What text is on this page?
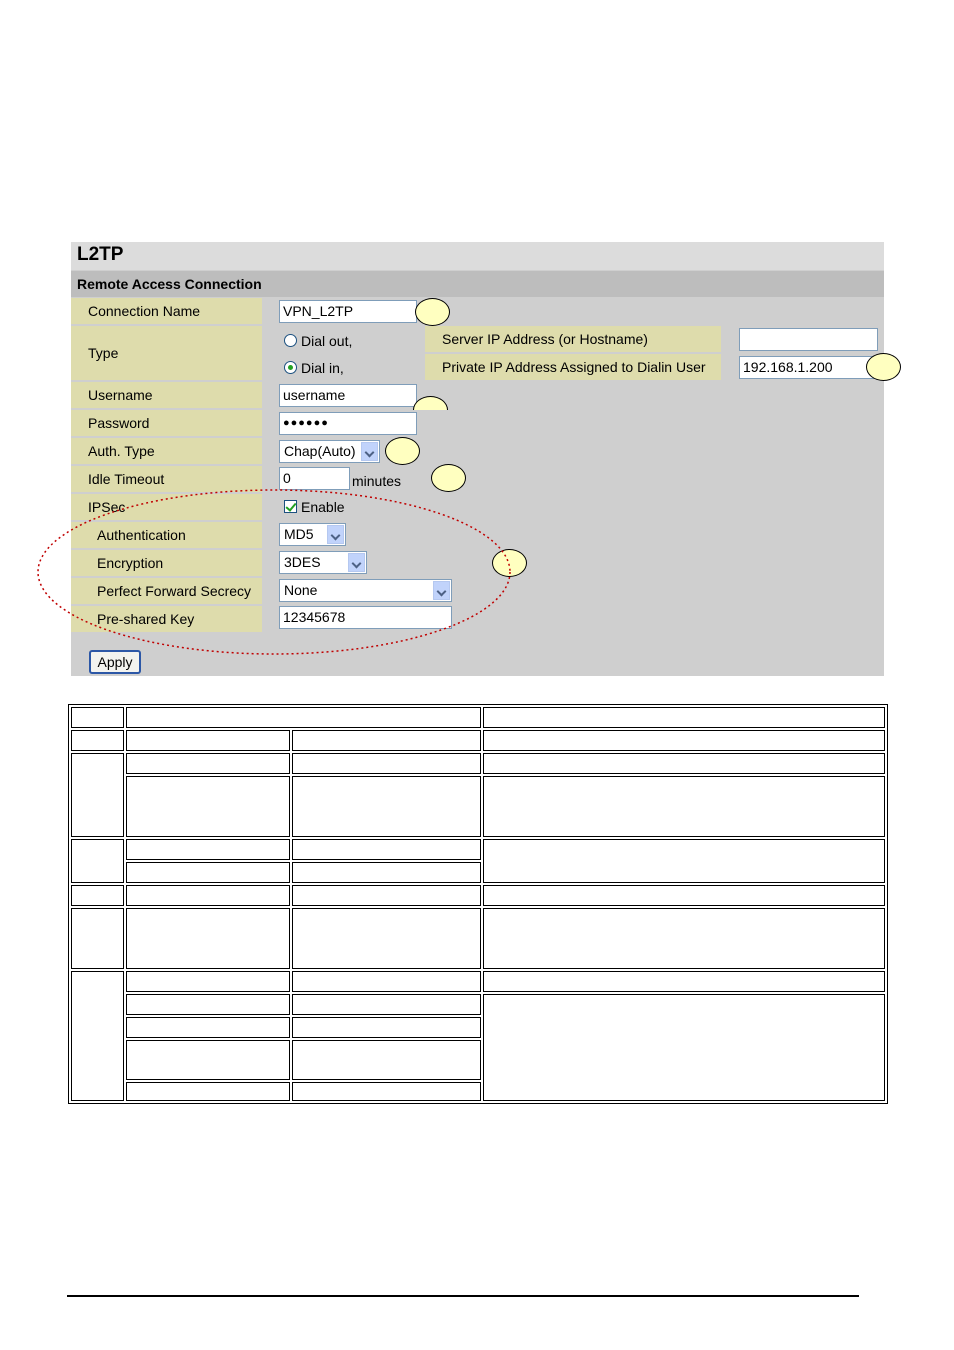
L2TP
Remote Access Connection
Connection Name	VPN_L2TP
Type
Dial out,
Dial in,
Server IP Address (or Hostname)
Private IP Address Assigned to Dialin User	192.168.1.200
Username	username
Password	●●●●●●
Auth. Type	Chap(Auto)
Idle Timeout	0	minutes
IPSec	Enable
Authentication	MD5
Encryption	3DES
Perfect Forward Secrecy	None
Pre-shared Key	12345678
Apply
